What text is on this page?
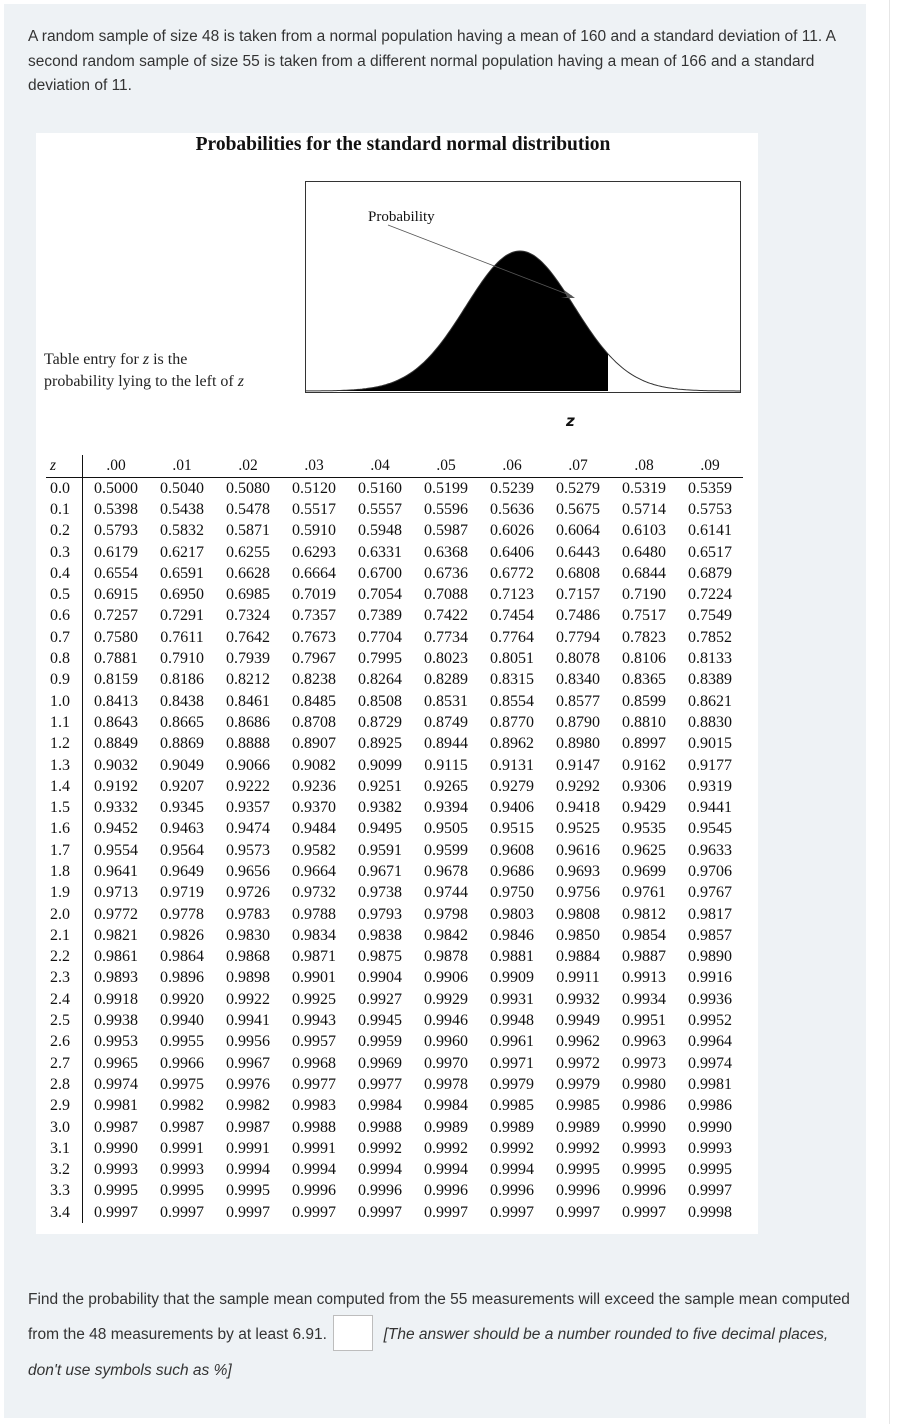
A random sample of size 48 is taken from a normal population having a mean of 160 and a standard deviation of 11. A second random sample of size 55 is taken from a different normal population having a mean of 166 and a standard deviation of 11.
Probabilities for the standard normal distribution
Table entry for z is the
probability lying to the left of z
Probability
z
z	.00	.01	.02	.03	.04	.05	.06	.07	.08	.09
0.0	0.5000	0.5040	0.5080	0.5120	0.5160	0.5199	0.5239	0.5279	0.5319	0.5359
0.1	0.5398	0.5438	0.5478	0.5517	0.5557	0.5596	0.5636	0.5675	0.5714	0.5753
0.2	0.5793	0.5832	0.5871	0.5910	0.5948	0.5987	0.6026	0.6064	0.6103	0.6141
0.3	0.6179	0.6217	0.6255	0.6293	0.6331	0.6368	0.6406	0.6443	0.6480	0.6517
0.4	0.6554	0.6591	0.6628	0.6664	0.6700	0.6736	0.6772	0.6808	0.6844	0.6879
0.5	0.6915	0.6950	0.6985	0.7019	0.7054	0.7088	0.7123	0.7157	0.7190	0.7224
0.6	0.7257	0.7291	0.7324	0.7357	0.7389	0.7422	0.7454	0.7486	0.7517	0.7549
0.7	0.7580	0.7611	0.7642	0.7673	0.7704	0.7734	0.7764	0.7794	0.7823	0.7852
0.8	0.7881	0.7910	0.7939	0.7967	0.7995	0.8023	0.8051	0.8078	0.8106	0.8133
0.9	0.8159	0.8186	0.8212	0.8238	0.8264	0.8289	0.8315	0.8340	0.8365	0.8389
1.0	0.8413	0.8438	0.8461	0.8485	0.8508	0.8531	0.8554	0.8577	0.8599	0.8621
1.1	0.8643	0.8665	0.8686	0.8708	0.8729	0.8749	0.8770	0.8790	0.8810	0.8830
1.2	0.8849	0.8869	0.8888	0.8907	0.8925	0.8944	0.8962	0.8980	0.8997	0.9015
1.3	0.9032	0.9049	0.9066	0.9082	0.9099	0.9115	0.9131	0.9147	0.9162	0.9177
1.4	0.9192	0.9207	0.9222	0.9236	0.9251	0.9265	0.9279	0.9292	0.9306	0.9319
1.5	0.9332	0.9345	0.9357	0.9370	0.9382	0.9394	0.9406	0.9418	0.9429	0.9441
1.6	0.9452	0.9463	0.9474	0.9484	0.9495	0.9505	0.9515	0.9525	0.9535	0.9545
1.7	0.9554	0.9564	0.9573	0.9582	0.9591	0.9599	0.9608	0.9616	0.9625	0.9633
1.8	0.9641	0.9649	0.9656	0.9664	0.9671	0.9678	0.9686	0.9693	0.9699	0.9706
1.9	0.9713	0.9719	0.9726	0.9732	0.9738	0.9744	0.9750	0.9756	0.9761	0.9767
2.0	0.9772	0.9778	0.9783	0.9788	0.9793	0.9798	0.9803	0.9808	0.9812	0.9817
2.1	0.9821	0.9826	0.9830	0.9834	0.9838	0.9842	0.9846	0.9850	0.9854	0.9857
2.2	0.9861	0.9864	0.9868	0.9871	0.9875	0.9878	0.9881	0.9884	0.9887	0.9890
2.3	0.9893	0.9896	0.9898	0.9901	0.9904	0.9906	0.9909	0.9911	0.9913	0.9916
2.4	0.9918	0.9920	0.9922	0.9925	0.9927	0.9929	0.9931	0.9932	0.9934	0.9936
2.5	0.9938	0.9940	0.9941	0.9943	0.9945	0.9946	0.9948	0.9949	0.9951	0.9952
2.6	0.9953	0.9955	0.9956	0.9957	0.9959	0.9960	0.9961	0.9962	0.9963	0.9964
2.7	0.9965	0.9966	0.9967	0.9968	0.9969	0.9970	0.9971	0.9972	0.9973	0.9974
2.8	0.9974	0.9975	0.9976	0.9977	0.9977	0.9978	0.9979	0.9979	0.9980	0.9981
2.9	0.9981	0.9982	0.9982	0.9983	0.9984	0.9984	0.9985	0.9985	0.9986	0.9986
3.0	0.9987	0.9987	0.9987	0.9988	0.9988	0.9989	0.9989	0.9989	0.9990	0.9990
3.1	0.9990	0.9991	0.9991	0.9991	0.9992	0.9992	0.9992	0.9992	0.9993	0.9993
3.2	0.9993	0.9993	0.9994	0.9994	0.9994	0.9994	0.9994	0.9995	0.9995	0.9995
3.3	0.9995	0.9995	0.9995	0.9996	0.9996	0.9996	0.9996	0.9996	0.9996	0.9997
3.4	0.9997	0.9997	0.9997	0.9997	0.9997	0.9997	0.9997	0.9997	0.9997	0.9998
Find the probability that the sample mean computed from the 55 measurements will exceed the sample mean computed from the 48 measurements by at least 6.91.	[The answer should be a number rounded to five decimal places, don't use symbols such as %]
